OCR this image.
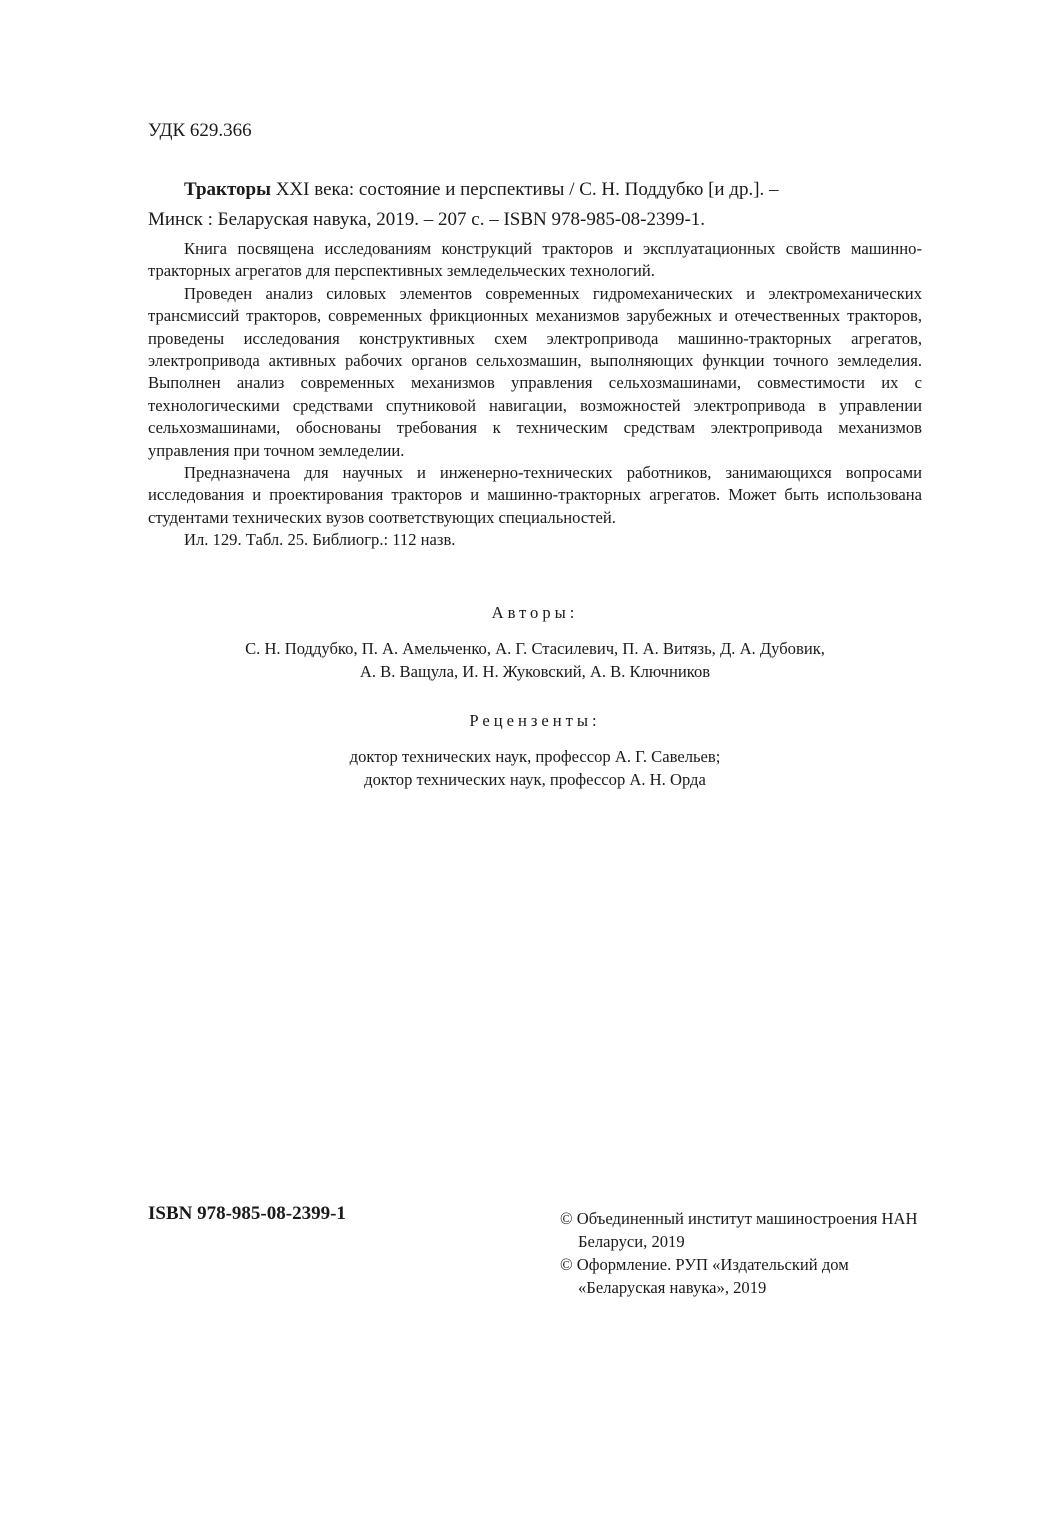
УДК 629.366
Тракторы XXI века: состояние и перспективы / С. Н. Поддубко [и др.]. –
Минск : Беларуская навука, 2019. – 207 с. – ISBN 978-985-08-2399-1.

Книга посвящена исследованиям конструкций тракторов и эксплуатационных свойств машинно-тракторных агрегатов для перспективных земледельческих технологий.

Проведен анализ силовых элементов современных гидромеханических и электромеханических трансмиссий тракторов, современных фрикционных механизмов зарубежных и отечественных тракторов, проведены исследования конструктивных схем электропривода машинно-тракторных агрегатов, электропривода активных рабочих органов сельхозмашин, выполняющих функции точного земледелия. Выполнен анализ современных механизмов управления сельхозмашинами, совместимости их с технологическими средствами спутниковой навигации, возможностей электропривода в управлении сельхозмашинами, обоснованы требования к техническим средствам электропривода механизмов управления при точном земледелии.

Предназначена для научных и инженерно-технических работников, занимающихся вопросами исследования и проектирования тракторов и машинно-тракторных агрегатов. Может быть использована студентами технических вузов соответствующих специальностей.

Ил. 129. Табл. 25. Библиогр.: 112 назв.

Авторы:
С. Н. Поддубко, П. А. Амельченко, А. Г. Стасилевич, П. А. Витязь, Д. А. Дубовик,
А. В. Ващула, И. Н. Жуковский, А. В. Ключников
Рецензенты:
доктор технических наук, профессор А. Г. Савельев;
доктор технических наук, профессор А. Н. Орда
ISBN 978-985-08-2399-1	© Объединенный институт машиностроения НАН Беларуси, 2019
© Оформление. РУП «Издательский дом «Беларуская навука», 2019
